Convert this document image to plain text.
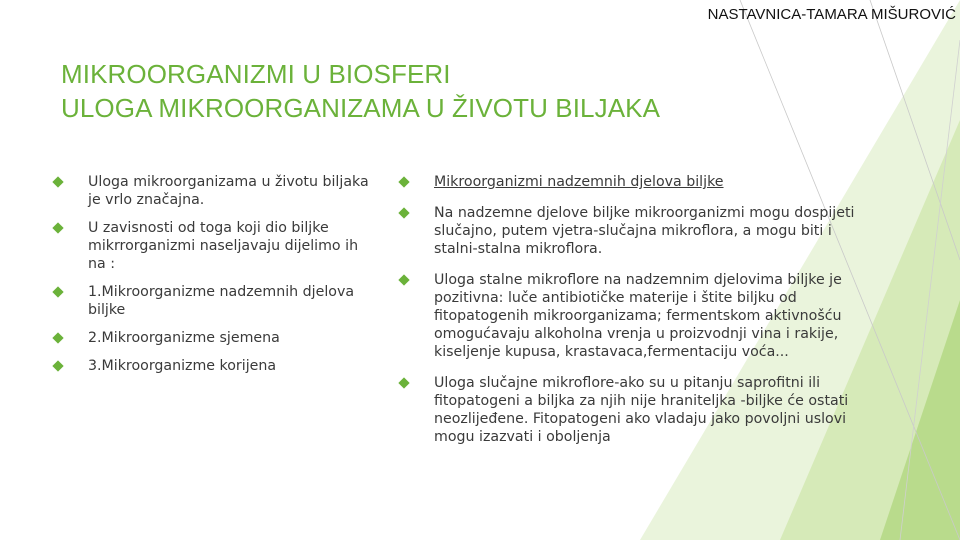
NASTAVNICA-TAMARA MIŠUROVIĆ
MIKROORGANIZMI U BIOSFERI
ULOGA MIKROORGANIZAMA U ŽIVOTU BILJAKA
Uloga mikroorganizama u životu biljaka je vrlo značajna.
U zavisnosti od toga koji dio biljke mikrrorganizmi naseljavaju dijelimo ih na :
1.Mikroorganizme nadzemnih djelova biljke
2.Mikroorganizme sjemena
3.Mikroorganizme korijena
Mikroorganizmi nadzemnih djelova biljke
Na nadzemne djelove biljke mikroorganizmi mogu dospijeti slučajno, putem vjetra-slučajna mikroflora, a mogu biti i stalni-stalna mikroflora.
Uloga stalne mikroflore na nadzemnim djelovima biljke je pozitivna: luče antibiotičke materije i štite biljku od fitopatogenih mikroorganizama; fermentskom aktivnošću omogućavaju alkoholna vrenja u proizvodnji vina i rakije, kiseljenje kupusa, krastavaca,fermentaciju voća...
Uloga slučajne mikroflore-ako su u pitanju saprofitni ili fitopatogeni a biljka za njih nije hraniteljka -biljke će ostati neozlijeđene. Fitopatogeni ako vladaju jako povoljni uslovi mogu izazvati i oboljenja
